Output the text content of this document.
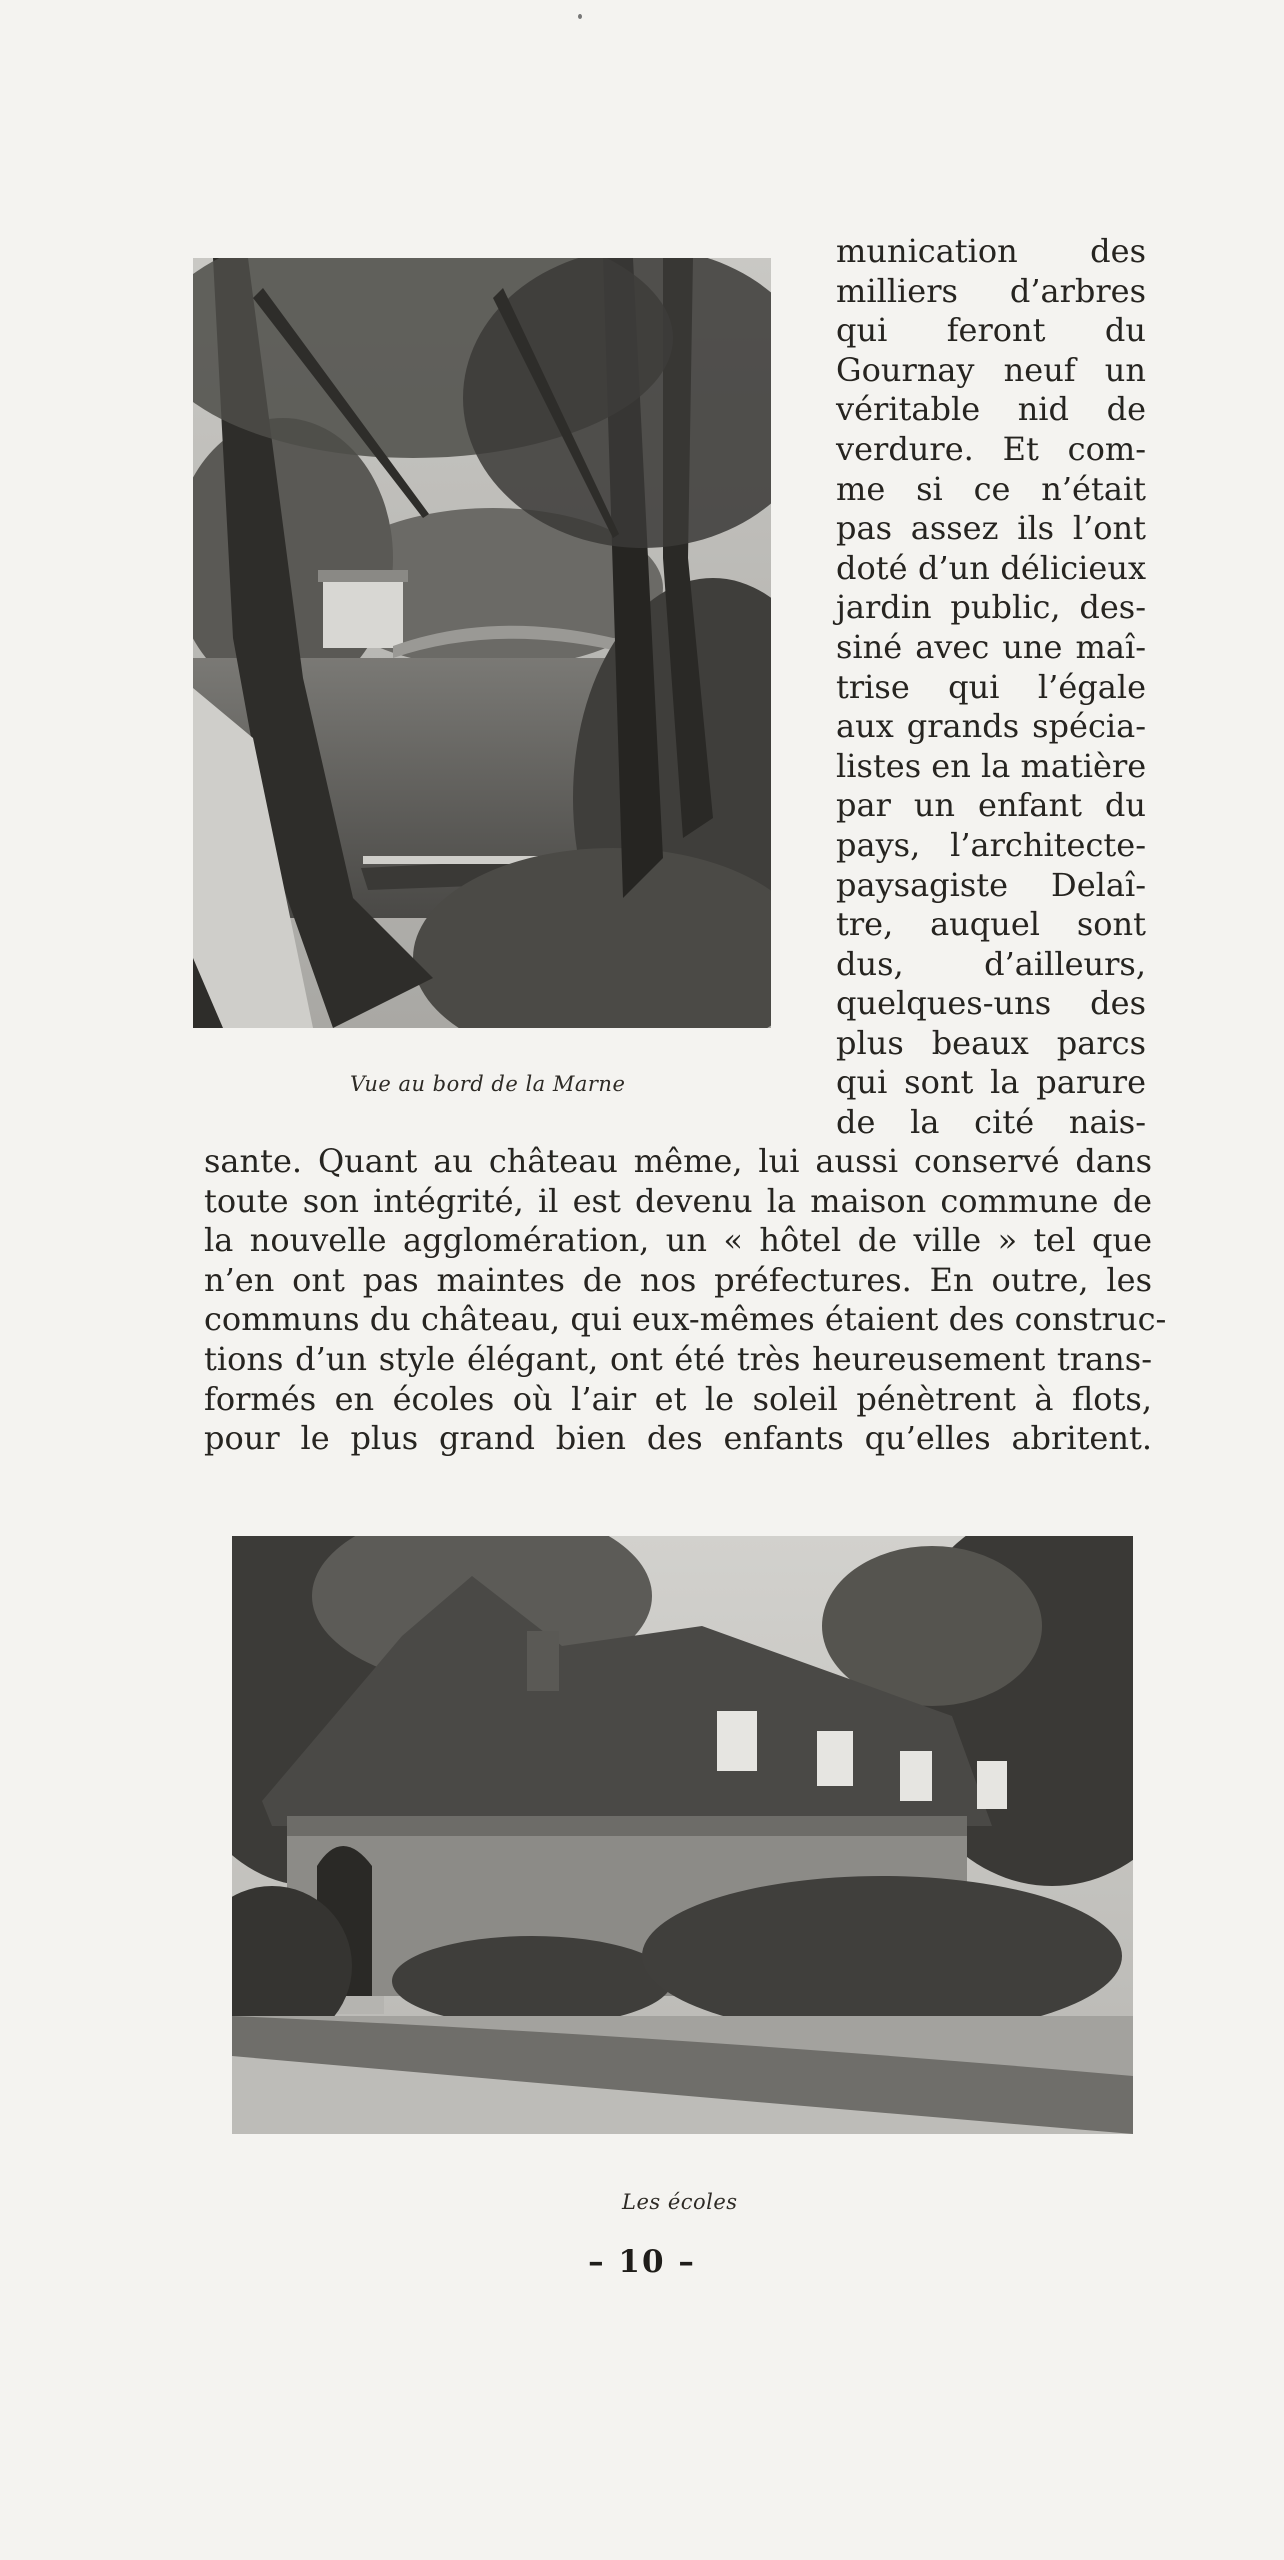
Vue au bord de la Marne
munication des
milliers d’arbres
qui feront du
Gournay neuf un
véritable nid de
verdure. Et com-
me si ce n’était
pas assez ils l’ont
doté d’un délicieux
jardin public, des-
siné avec une maî-
trise qui l’égale
aux grands spécia-
listes en la matière
par un enfant du
pays, l’architecte-
paysagiste Delaî-
tre, auquel sont
dus, d’ailleurs,
quelques-uns des
plus beaux parcs
qui sont la parure
de la cité nais-
sante. Quant au château même, lui aussi conservé dans
toute son intégrité, il est devenu la maison commune de
la nouvelle agglomération, un « hôtel de ville » tel que
n’en ont pas maintes de nos préfectures. En outre, les
communs du château, qui eux-mêmes étaient des construc-
tions d’un style élégant, ont été très heureusement trans-
formés en écoles où l’air et le soleil pénètrent à flots,
pour le plus grand bien des enfants qu’elles abritent.
Les écoles
– 10 –
